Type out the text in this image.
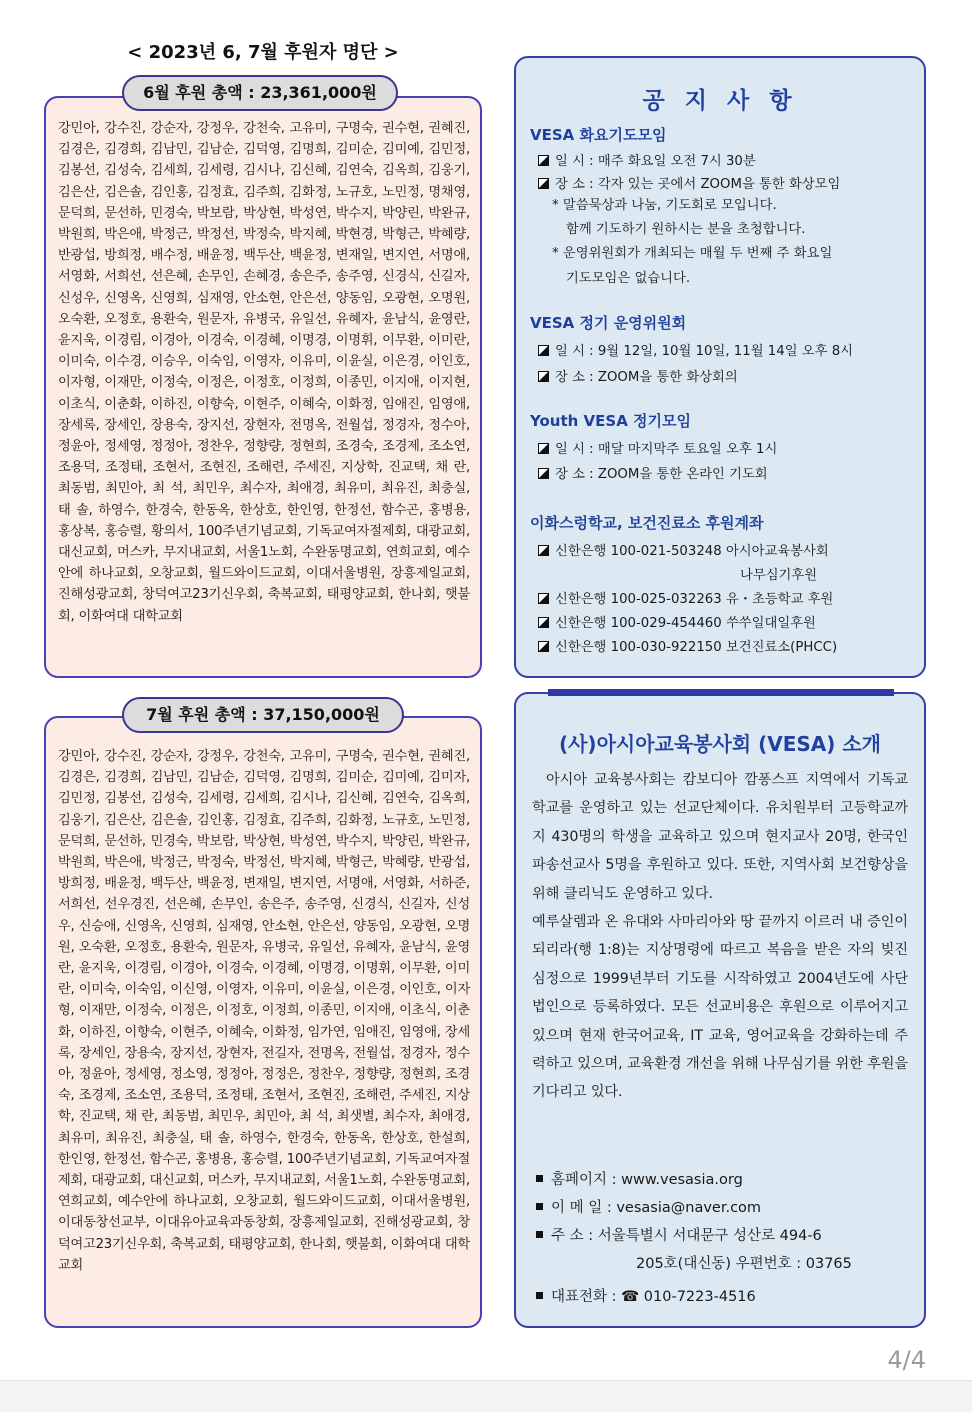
< 2023년 6, 7월 후원자 명단 >
강민아, 강수진, 강순자, 강정우, 강천숙, 고유미, 구명숙, 권수현, 권혜진, 김경은, 김경희, 김남민, 김남순, 김덕영, 김명희, 김미순, 김미예, 김민정, 김봉선, 김성숙, 김세희, 김세령, 김시나, 김신혜, 김연숙, 김옥희, 김웅기, 김은산, 김은솔, 김인홍, 김정효, 김주희, 김화정, 노규호, 노민정, 명채영, 문덕희, 문선하, 민경숙, 박보람, 박상현, 박성연, 박수지, 박양린, 박완규, 박원희, 박은애, 박정근, 박정선, 박정숙, 박지혜, 박현경, 박형근, 박혜량, 반광섭, 방희정, 배수정, 배윤정, 백두산, 백윤정, 변재일, 변지연, 서명애, 서영화, 서희선, 선은혜, 손무인, 손혜경, 송은주, 송주영, 신경식, 신길자, 신성우, 신영옥, 신영희, 심재영, 안소현, 안은선, 양동임, 오광현, 오명원, 오숙환, 오정호, 용환숙, 원문자, 유병국, 유일선, 유혜자, 윤남식, 윤영란, 윤지욱, 이경림, 이경아, 이경숙, 이경혜, 이명경, 이명휘, 이무환, 이미란, 이미숙, 이수경, 이승우, 이숙임, 이영자, 이유미, 이윤실, 이은경, 이인호, 이자형, 이재만, 이정숙, 이정은, 이정호, 이정희, 이종민, 이지애, 이지현, 이초식, 이춘화, 이하진, 이향숙, 이현주, 이혜숙, 이화정, 임애진, 임영애, 장세록, 장세인, 장용숙, 장지선, 장현자, 전명옥, 전월섭, 정경자, 정수아, 정윤아, 정세영, 정정아, 정찬우, 정향량, 정현희, 조경숙, 조경제, 조소연, 조용덕, 조정태, 조현서, 조현진, 조해련, 주세진, 지상학, 진교택, 채 란, 최동범, 최민아, 최 석, 최민우, 최수자, 최애경, 최유미, 최유진, 최충실, 태 솔, 하영수, 한경숙, 한동옥, 한상호, 한인영, 한정선, 함수곤, 홍병용, 홍상복, 홍승렬, 황의서, 100주년기념교회, 기독교여자절제회, 대광교회, 대신교회, 머스카, 무지내교회, 서울1노회, 수완동명교회, 연희교회, 예수안에 하나교회, 오창교회, 월드와이드교회, 이대서울병원, 장흥제일교회, 진해성광교회, 창덕여고23기신우회, 축복교회, 태평양교회, 한나회, 햇불회, 이화여대 대학교회
6월 후원 총액 : 23,361,000원
강민아, 강수진, 강순자, 강정우, 강천숙, 고유미, 구명숙, 권수현, 권혜진, 김경은, 김경희, 김남민, 김남순, 김덕영, 김명희, 김미순, 김미예, 김미자, 김민정, 김봉선, 김성숙, 김세령, 김세희, 김시나, 김신혜, 김연숙, 김옥희, 김웅기, 김은산, 김은솔, 김인홍, 김정효, 김주희, 김화정, 노규호, 노민정, 문덕희, 문선하, 민경숙, 박보람, 박상현, 박성연, 박수지, 박양린, 박완규, 박원희, 박은애, 박정근, 박정숙, 박정선, 박지혜, 박형근, 박혜량, 반광섭, 방희정, 배윤정, 백두산, 백윤정, 변재일, 변지연, 서명애, 서영화, 서하준, 서희선, 선우경진, 선은혜, 손무인, 송은주, 송주영, 신경식, 신길자, 신성우, 신승애, 신영옥, 신영희, 심재영, 안소현, 안은선, 양동임, 오광현, 오명원, 오숙환, 오정호, 용환숙, 원문자, 유병국, 유일선, 유혜자, 윤남식, 윤영란, 윤지욱, 이경림, 이경아, 이경숙, 이경혜, 이명경, 이명휘, 이무환, 이미란, 이미숙, 이숙임, 이신영, 이영자, 이유미, 이윤실, 이은경, 이인호, 이자형, 이재만, 이정숙, 이정은, 이정호, 이정희, 이종민, 이지애, 이초식, 이춘화, 이하진, 이향숙, 이현주, 이혜숙, 이화정, 임가연, 임애진, 임영애, 장세록, 장세인, 장용숙, 장지선, 장현자, 전길자, 전명옥, 전월섭, 정경자, 정수아, 정윤아, 정세영, 정소영, 정정아, 정정은, 정찬우, 정향량, 정현희, 조경숙, 조경제, 조소연, 조용덕, 조정태, 조현서, 조현진, 조해련, 주세진, 지상학, 진교택, 채 란, 최동범, 최민우, 최민아, 최 석, 최샛별, 최수자, 최애경, 최유미, 최유진, 최충실, 태 솔, 하영수, 한경숙, 한동옥, 한상호, 한설희, 한인영, 한정선, 함수곤, 홍병용, 홍승렬, 100주년기념교회, 기독교여자절제회, 대광교회, 대신교회, 머스카, 무지내교회, 서울1노회, 수완동명교회, 연희교회, 예수안에 하나교회, 오창교회, 월드와이드교회, 이대서울병원, 이대동창선교부, 이대유아교육과동창회, 장흥제일교회, 진해성광교회, 창덕여고23기신우회, 축복교회, 태평양교회, 한나회, 햇불회, 이화여대 대학교회
7월 후원 총액 : 37,150,000원
공 지 사 항
VESA 화요기도모임
일 시 : 매주 화요일 오전 7시 30분
장 소 : 각자 있는 곳에서 ZOOM을 통한 화상모임
* 말씀묵상과 나눔, 기도회로 모입니다.
함께 기도하기 원하시는 분을 초청합니다.
* 운영위원회가 개최되는 매월 두 번째 주 화요일
기도모임은 없습니다.
VESA 정기 운영위원회
일 시 : 9월 12일, 10월 10일, 11월 14일 오후 8시
장 소 : ZOOM을 통한 화상회의
Youth VESA 정기모임
일 시 : 매달 마지막주 토요일 오후 1시
장 소 : ZOOM을 통한 온라인 기도회
이화스렁학교, 보건진료소 후원계좌
신한은행 100-021-503248 아시아교육봉사회
나무심기후원
신한은행 100-025-032263 유・초등학교 후원
신한은행 100-029-454460 쑤쑤일대일후원
신한은행 100-030-922150 보건진료소(PHCC)
(사)아시아교육봉사회 (VESA) 소개

아시아 교육봉사회는 캄보디아 깜퐁스프 지역에서 기독교학교를 운영하고 있는 선교단체이다. 유치원부터 고등학교까지 430명의 학생을 교육하고 있으며 현지교사 20명, 한국인 파송선교사 5명을 후원하고 있다. 또한, 지역사회 보건향상을 위해 클리닉도 운영하고 있다.

예루살렘과 온 유대와 사마리아와 땅 끝까지 이르러 내 증인이 되리라(행 1:8)는 지상명령에 따르고 복음을 받은 자의 빚진 심정으로 1999년부터 기도를 시작하였고 2004년도에 사단법인으로 등록하였다. 모든 선교비용은 후원으로 이루어지고 있으며 현재 한국어교육, IT 교육, 영어교육을 강화하는데 주력하고 있으며, 교육환경 개선을 위해 나무심기를 위한 후원을 기다리고 있다.

홈페이지 : www.vesasia.org
이 메 일 : vesasia@naver.com
주 소 : 서울특별시 서대문구 성산로 494-6
205호(대신동) 우편번호 : 03765
대표전화 : ☎ 010-7223-4516
4/4
